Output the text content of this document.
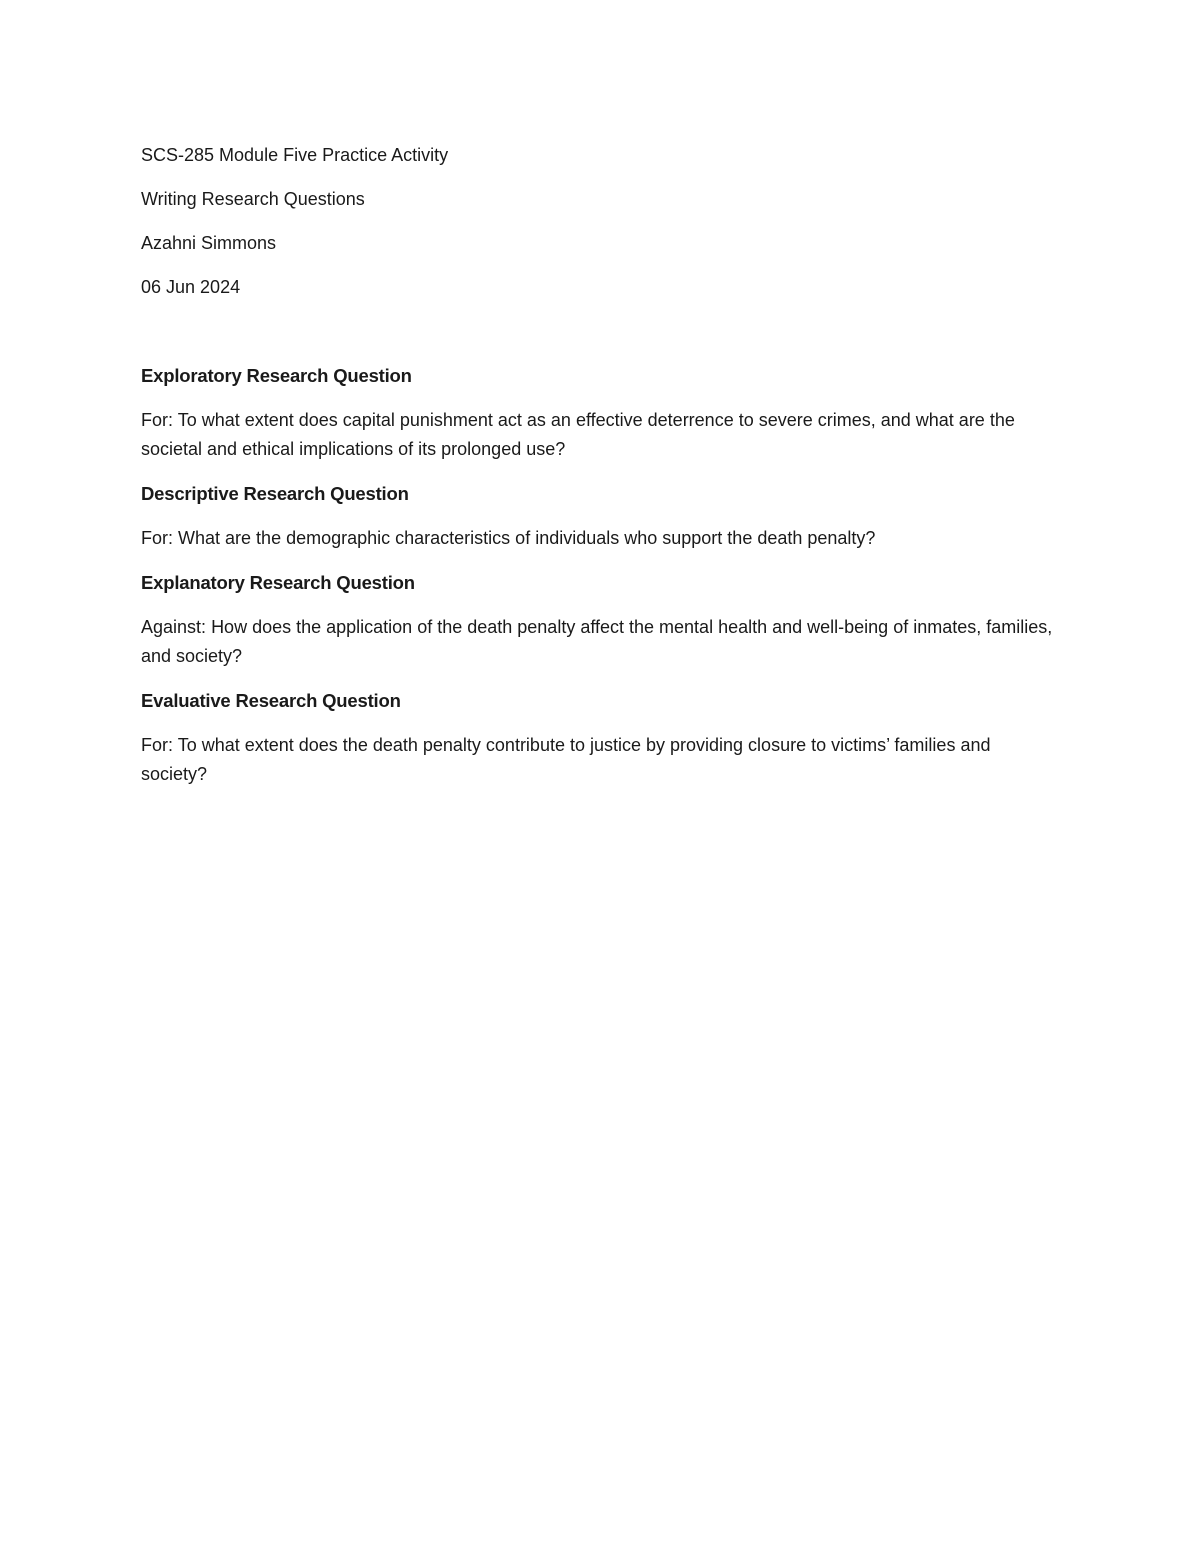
SCS-285 Module Five Practice Activity
Writing Research Questions
Azahni Simmons
06 Jun 2024
Exploratory Research Question
For: To what extent does capital punishment act as an effective deterrence to severe crimes, and what are the societal and ethical implications of its prolonged use?
Descriptive Research Question
For: What are the demographic characteristics of individuals who support the death penalty?
Explanatory Research Question
Against: How does the application of the death penalty affect the mental health and well-being of inmates, families, and society?
Evaluative Research Question
For: To what extent does the death penalty contribute to justice by providing closure to victims’ families and society?
